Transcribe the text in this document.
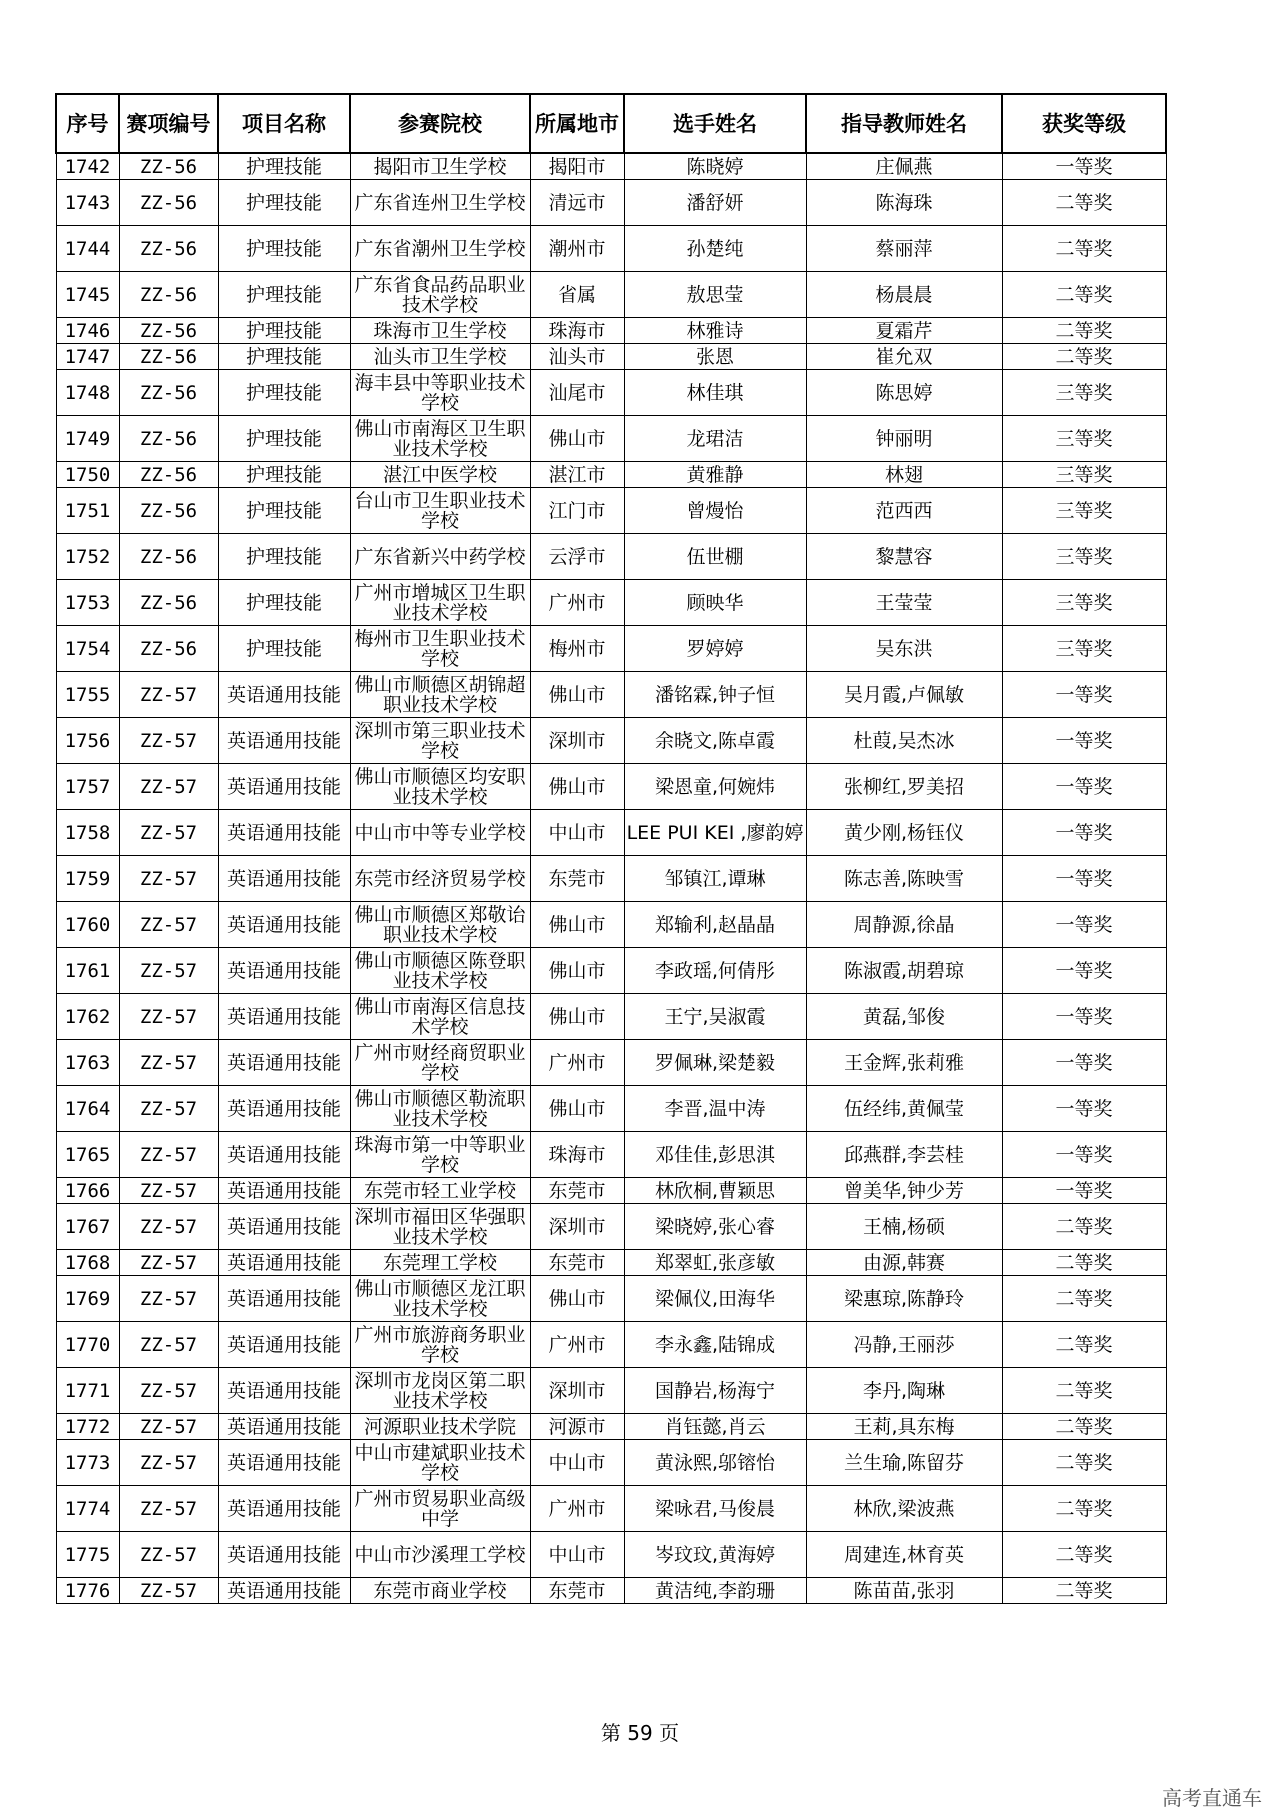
序号	赛项编号	项目名称	参赛院校	所属地市	选手姓名	指导教师姓名	获奖等级
1742	ZZ-56	护理技能	揭阳市卫生学校	揭阳市	陈晓婷	庄佩燕	一等奖
1743	ZZ-56	护理技能	广东省连州卫生学校	清远市	潘舒妍	陈海珠	二等奖
1744	ZZ-56	护理技能	广东省潮州卫生学校	潮州市	孙楚纯	蔡丽萍	二等奖
1745	ZZ-56	护理技能	广东省食品药品职业技术学校	省属	敖思莹	杨晨晨	二等奖
1746	ZZ-56	护理技能	珠海市卫生学校	珠海市	林雅诗	夏霜芹	二等奖
1747	ZZ-56	护理技能	汕头市卫生学校	汕头市	张恩	崔允双	二等奖
1748	ZZ-56	护理技能	海丰县中等职业技术学校	汕尾市	林佳琪	陈思婷	三等奖
1749	ZZ-56	护理技能	佛山市南海区卫生职业技术学校	佛山市	龙珺洁	钟丽明	三等奖
1750	ZZ-56	护理技能	湛江中医学校	湛江市	黄雅静	林翅	三等奖
1751	ZZ-56	护理技能	台山市卫生职业技术学校	江门市	曾熳怡	范西西	三等奖
1752	ZZ-56	护理技能	广东省新兴中药学校	云浮市	伍世棚	黎慧容	三等奖
1753	ZZ-56	护理技能	广州市增城区卫生职业技术学校	广州市	顾映华	王莹莹	三等奖
1754	ZZ-56	护理技能	梅州市卫生职业技术学校	梅州市	罗婷婷	吴东洪	三等奖
1755	ZZ-57	英语通用技能	佛山市顺德区胡锦超职业技术学校	佛山市	潘铭霖,钟子恒	吴月霞,卢佩敏	一等奖
1756	ZZ-57	英语通用技能	深圳市第三职业技术学校	深圳市	余晓文,陈卓霞	杜葭,吴杰冰	一等奖
1757	ZZ-57	英语通用技能	佛山市顺德区均安职业技术学校	佛山市	梁恩童,何婉炜	张柳红,罗美招	一等奖
1758	ZZ-57	英语通用技能	中山市中等专业学校	中山市	LEE PUI KEI ,廖韵婷	黄少刚,杨钰仪	一等奖
1759	ZZ-57	英语通用技能	东莞市经济贸易学校	东莞市	邹镇江,谭琳	陈志善,陈映雪	一等奖
1760	ZZ-57	英语通用技能	佛山市顺德区郑敬诒职业技术学校	佛山市	郑输利,赵晶晶	周静源,徐晶	一等奖
1761	ZZ-57	英语通用技能	佛山市顺德区陈登职业技术学校	佛山市	李政瑶,何倩彤	陈淑霞,胡碧琼	一等奖
1762	ZZ-57	英语通用技能	佛山市南海区信息技术学校	佛山市	王宁,吴淑霞	黄磊,邹俊	一等奖
1763	ZZ-57	英语通用技能	广州市财经商贸职业学校	广州市	罗佩琳,梁楚毅	王金辉,张莉雅	一等奖
1764	ZZ-57	英语通用技能	佛山市顺德区勒流职业技术学校	佛山市	李晋,温中涛	伍经纬,黄佩莹	一等奖
1765	ZZ-57	英语通用技能	珠海市第一中等职业学校	珠海市	邓佳佳,彭思淇	邱燕群,李芸桂	一等奖
1766	ZZ-57	英语通用技能	东莞市轻工业学校	东莞市	林欣桐,曹颖思	曾美华,钟少芳	一等奖
1767	ZZ-57	英语通用技能	深圳市福田区华强职业技术学校	深圳市	梁晓婷,张心睿	王楠,杨硕	二等奖
1768	ZZ-57	英语通用技能	东莞理工学校	东莞市	郑翠虹,张彦敏	由源,韩赛	二等奖
1769	ZZ-57	英语通用技能	佛山市顺德区龙江职业技术学校	佛山市	梁佩仪,田海华	梁惠琼,陈静玲	二等奖
1770	ZZ-57	英语通用技能	广州市旅游商务职业学校	广州市	李永鑫,陆锦成	冯静,王丽莎	二等奖
1771	ZZ-57	英语通用技能	深圳市龙岗区第二职业技术学校	深圳市	国静岩,杨海宁	李丹,陶琳	二等奖
1772	ZZ-57	英语通用技能	河源职业技术学院	河源市	肖钰懿,肖云	王莉,具东梅	二等奖
1773	ZZ-57	英语通用技能	中山市建斌职业技术学校	中山市	黄泳熙,邬镕怡	兰生瑜,陈留芬	二等奖
1774	ZZ-57	英语通用技能	广州市贸易职业高级中学	广州市	梁咏君,马俊晨	林欣,梁波燕	二等奖
1775	ZZ-57	英语通用技能	中山市沙溪理工学校	中山市	岑玟玟,黄海婷	周建连,林育英	二等奖
1776	ZZ-57	英语通用技能	东莞市商业学校	东莞市	黄洁纯,李韵珊	陈苗苗,张羽	二等奖
第 59 页
高考直通车
